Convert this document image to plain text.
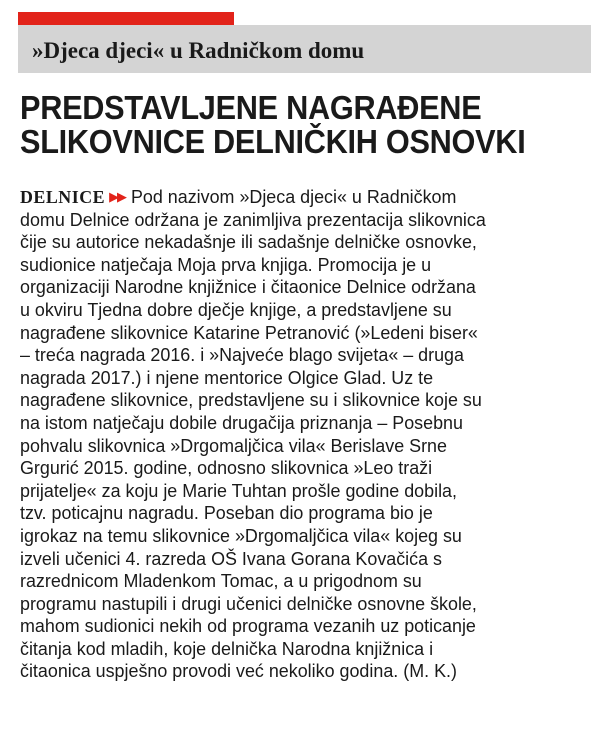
»Djeca djeci« u Radničkom domu
PREDSTAVLJENE NAGRAĐENE
SLIKOVNICE DELNIČKIH OSNOVKI
DELNICE ▶▶ Pod nazivom »Djeca djeci« u Radničkom
domu Delnice održana je zanimljiva prezentacija slikovnica
čije su autorice nekadašnje ili sadašnje delničke osnovke,
sudionice natječaja Moja prva knjiga. Promocija je u
organizaciji Narodne knjižnice i čitaonice Delnice održana
u okviru Tjedna dobre dječje knjige, a predstavljene su
nagrađene slikovnice Katarine Petranović (»Ledeni biser«
– treća nagrada 2016. i »Najveće blago svijeta« – druga
nagrada 2017.) i njene mentorice Olgice Glad. Uz te
nagrađene slikovnice, predstavljene su i slikovnice koje su
na istom natječaju dobile drugačija priznanja – Posebnu
pohvalu slikovnica »Drgomaljčica vila« Berislave Srne
Grgurić 2015. godine, odnosno slikovnica »Leo traži
prijatelje« za koju je Marie Tuhtan prošle godine dobila,
tzv. poticajnu nagradu. Poseban dio programa bio je
igrokaz na temu slikovnice »Drgomaljčica vila« kojeg su
izveli učenici 4. razreda OŠ Ivana Gorana Kovačića s
razrednicom Mladenkom Tomac, a u prigodnom su
programu nastupili i drugi učenici delničke osnovne škole,
mahom sudionici nekih od programa vezanih uz poticanje
čitanja kod mladih, koje delnička Narodna knjižnica i
čitaonica uspješno provodi već nekoliko godina. (M. K.)
